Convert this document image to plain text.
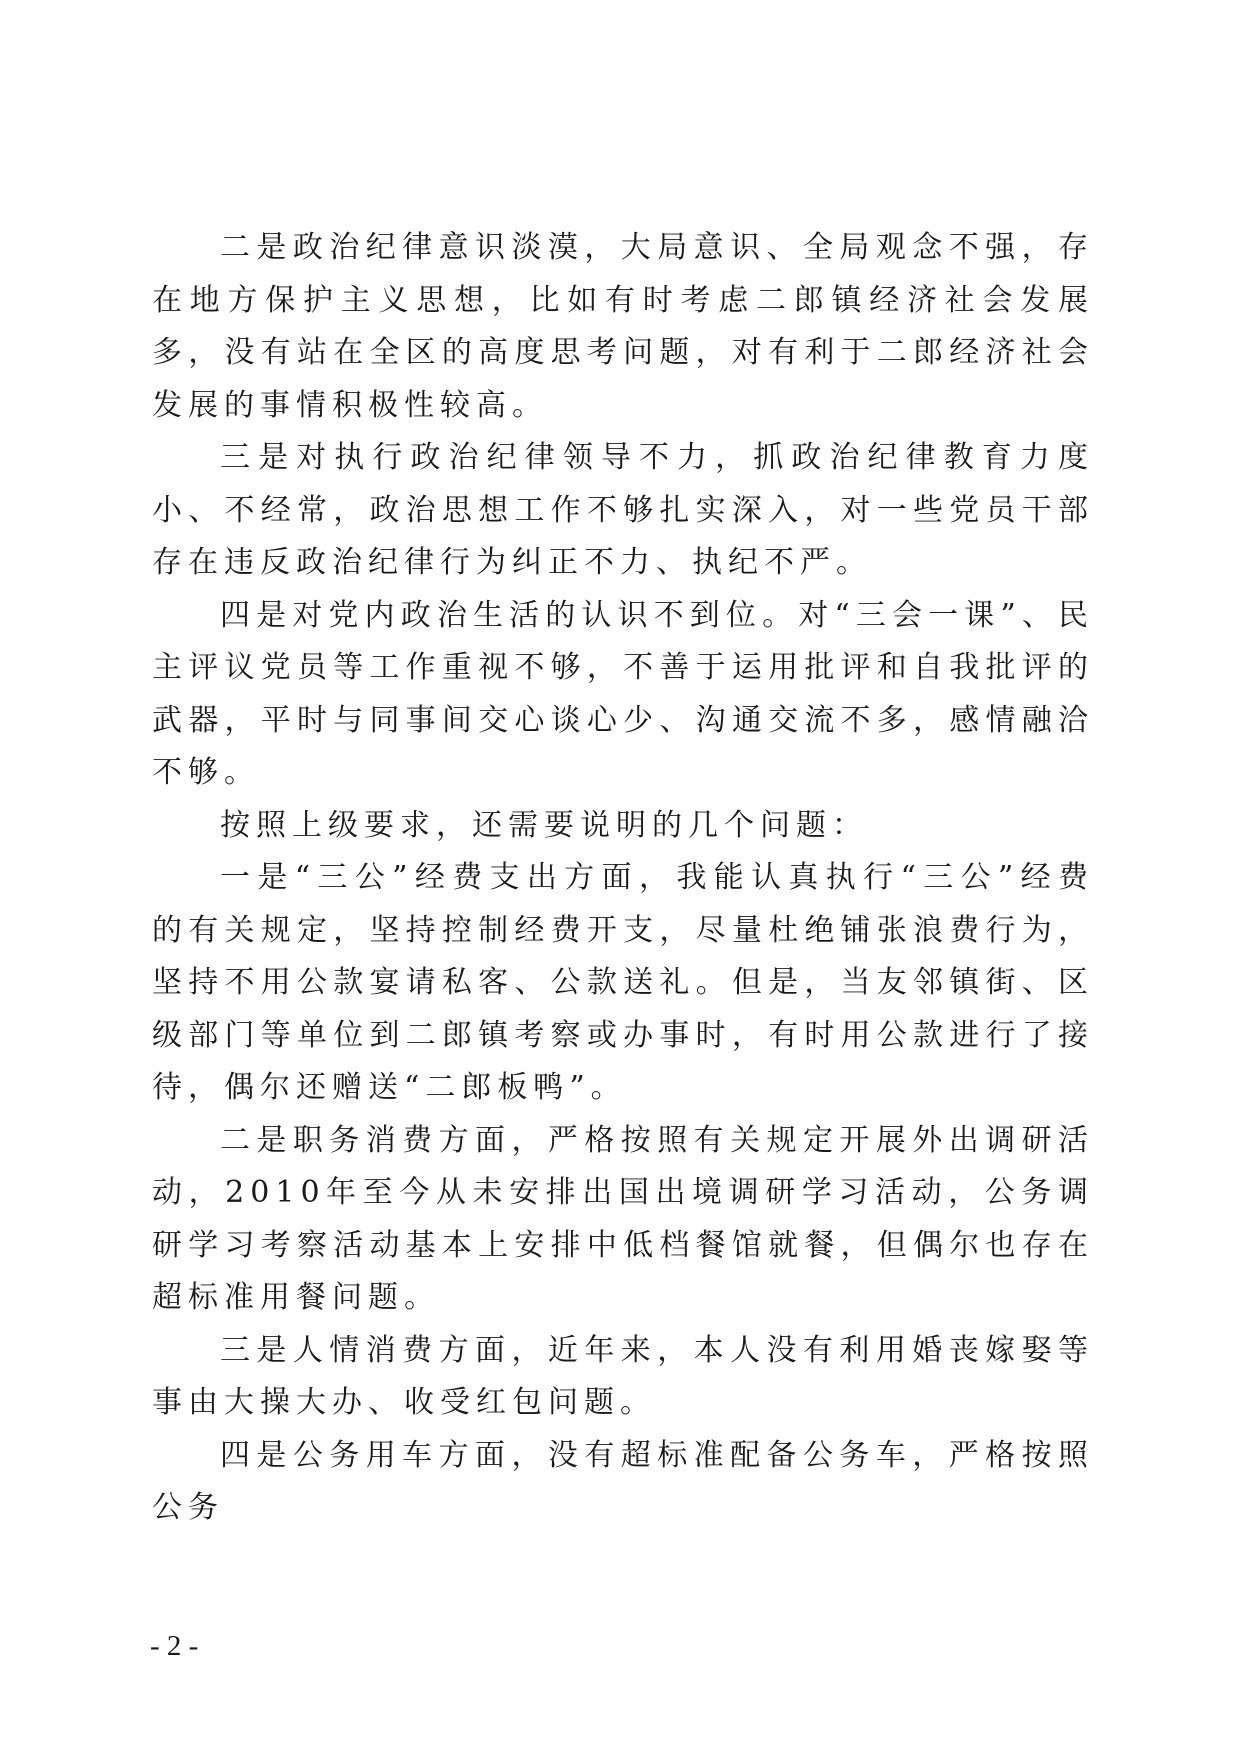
二是政治纪律意识淡漠，大局意识、全局观念不强，存在地方保护主义思想，比如有时考虑二郎镇经济社会发展多，没有站在全区的高度思考问题，对有利于二郎经济社会发展的事情积极性较高。

三是对执行政治纪律领导不力，抓政治纪律教育力度小、不经常，政治思想工作不够扎实深入，对一些党员干部存在违反政治纪律行为纠正不力、执纪不严。

四是对党内政治生活的认识不到位。对“三会一课”、民主评议党员等工作重视不够，不善于运用批评和自我批评的武器，平时与同事间交心谈心少、沟通交流不多，感情融洽不够。

按照上级要求，还需要说明的几个问题：

一是“三公”经费支出方面，我能认真执行“三公”经费的有关规定，坚持控制经费开支，尽量杜绝铺张浪费行为，坚持不用公款宴请私客、公款送礼。但是，当友邻镇街、区级部门等单位到二郎镇考察或办事时，有时用公款进行了接待，偶尔还赠送“二郎板鸭”。

二是职务消费方面，严格按照有关规定开展外出调研活动，2010年至今从未安排出国出境调研学习活动，公务调研学习考察活动基本上安排中低档餐馆就餐，但偶尔也存在超标准用餐问题。

三是人情消费方面，近年来，本人没有利用婚丧嫁娶等事由大操大办、收受红包问题。

四是公务用车方面，没有超标准配备公务车，严格按照公务

- 2 -
